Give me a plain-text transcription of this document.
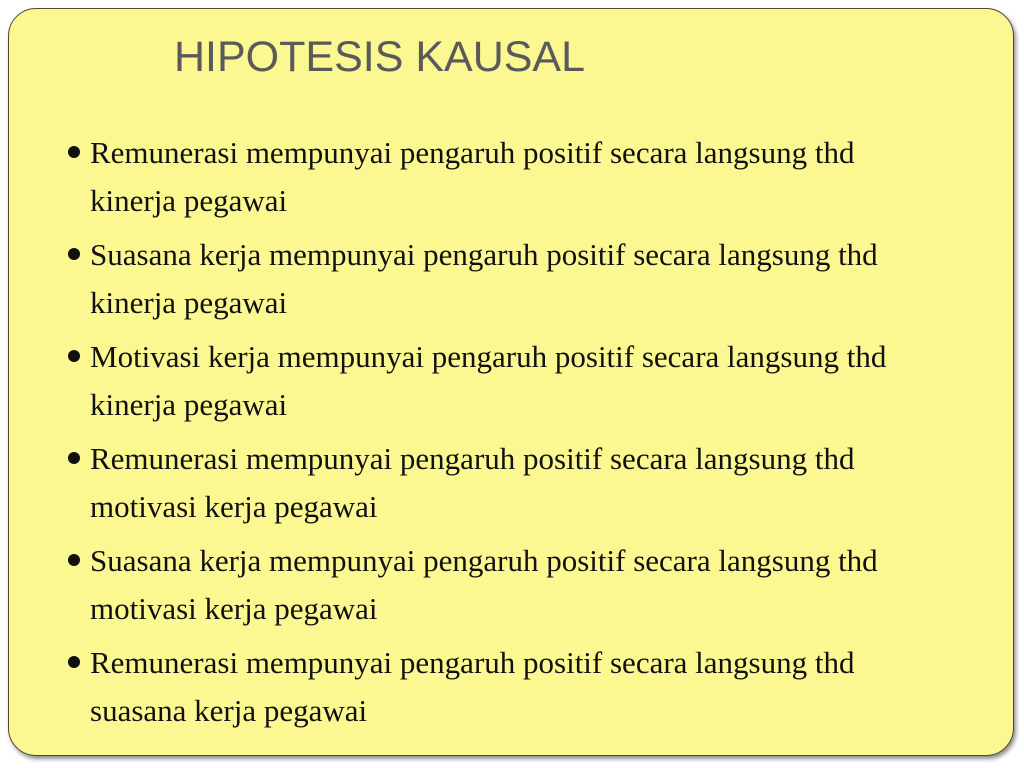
HIPOTESIS KAUSAL
Remunerasi mempunyai pengaruh positif secara langsung thd
kinerja pegawai
Suasana kerja mempunyai pengaruh positif secara langsung thd
kinerja pegawai
Motivasi kerja mempunyai pengaruh positif secara langsung thd
kinerja pegawai
Remunerasi mempunyai pengaruh positif secara langsung thd
motivasi kerja pegawai
Suasana kerja mempunyai pengaruh positif secara langsung thd
motivasi kerja pegawai
Remunerasi mempunyai pengaruh positif secara langsung thd
suasana kerja pegawai
